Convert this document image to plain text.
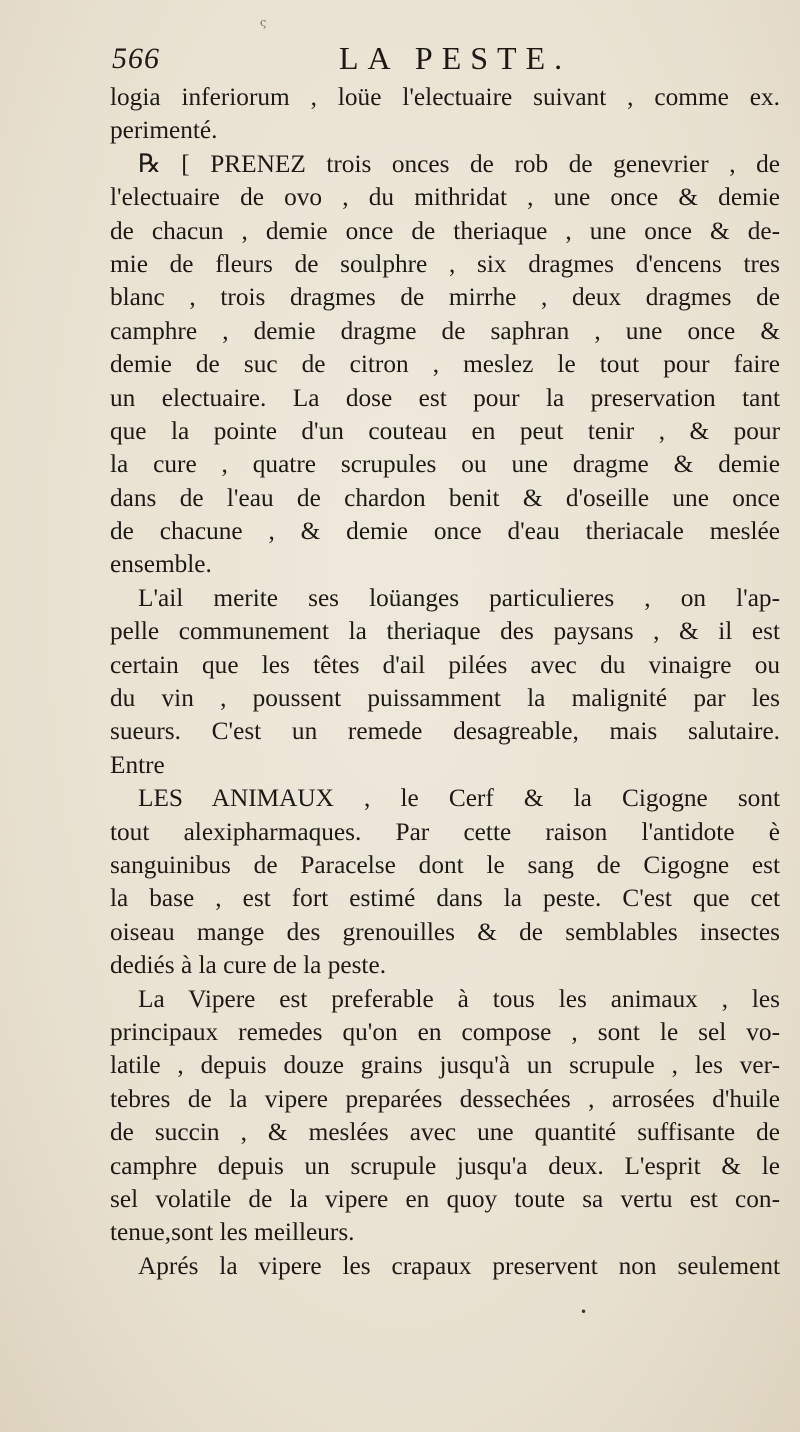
ς
566	LA PESTE.
logia inferiorum , loüe l'electuaire suivant , comme ex.
perimenté.
℞ [ PRENEZ trois onces de rob de genevrier , de
l'electuaire de ovo , du mithridat , une once & demie
de chacun , demie once de theriaque , une once & de-
mie de fleurs de soulphre , six dragmes d'encens tres
blanc , trois dragmes de mirrhe , deux dragmes de
camphre , demie dragme de saphran , une once &
demie de suc de citron , meslez le tout pour faire
un electuaire. La dose est pour la preservation tant
que la pointe d'un couteau en peut tenir , & pour
la cure , quatre scrupules ou une dragme & demie
dans de l'eau de chardon benit & d'oseille une once
de chacune , & demie once d'eau theriacale meslée
ensemble.
L'ail merite ses loüanges particulieres , on l'ap-
pelle communement la theriaque des paysans , & il est
certain que les têtes d'ail pilées avec du vinaigre ou
du vin , poussent puissamment la malignité par les
sueurs. C'est un remede desagreable, mais salutaire.
Entre
LES ANIMAUX , le Cerf & la Cigogne sont
tout alexipharmaques. Par cette raison l'antidote è
sanguinibus de Paracelse dont le sang de Cigogne est
la base , est fort estimé dans la peste. C'est que cet
oiseau mange des grenouilles & de semblables insectes
dediés à la cure de la peste.
La Vipere est preferable à tous les animaux , les
principaux remedes qu'on en compose , sont le sel vo-
latile , depuis douze grains jusqu'à un scrupule , les ver-
tebres de la vipere preparées dessechées , arrosées d'huile
de succin , & meslées avec une quantité suffisante de
camphre depuis un scrupule jusqu'a deux. L'esprit & le
sel volatile de la vipere en quoy toute sa vertu est con-
tenue,sont les meilleurs.
Aprés la vipere les crapaux preservent non seulement
•
